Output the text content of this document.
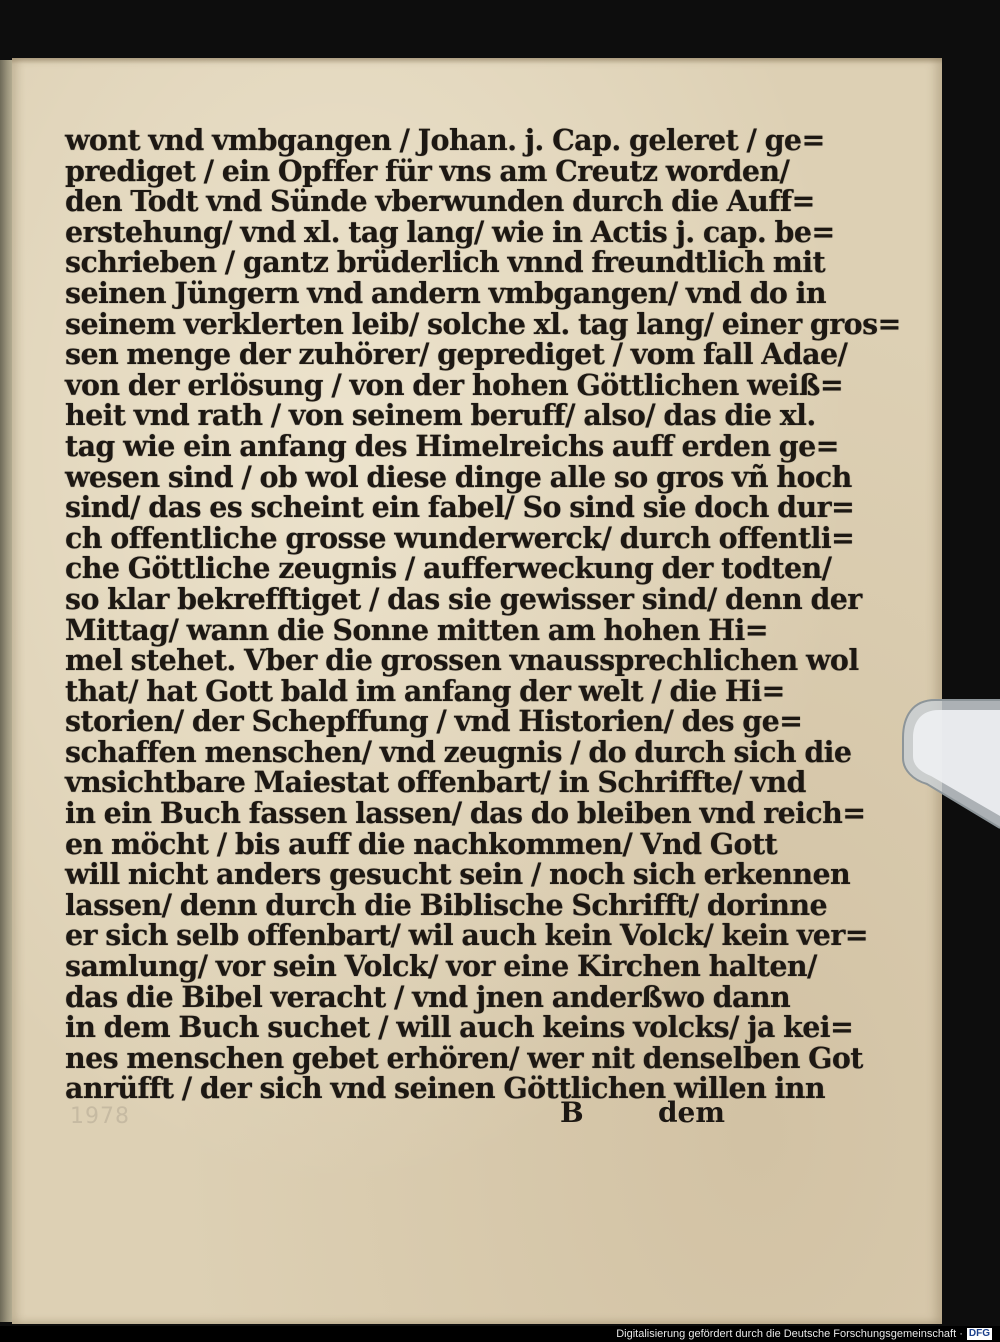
wont vnd vmbgangen / Johan. j. Cap. geleret / ge=
prediget / ein Opffer für vns am Creutz worden/
den Todt vnd Sünde vberwunden durch die Auff=
erstehung/ vnd xl. tag lang/ wie in Actis j. cap. be=
schrieben / gantz brüderlich vnnd freundtlich mit
seinen Jüngern vnd andern vmbgangen/ vnd do in
seinem verklerten leib/ solche xl. tag lang/ einer gros=
sen menge der zuhörer/ geprediget / vom fall Adae/
von der erlösung / von der hohen Göttlichen weiß=
heit vnd rath / von seinem beruff/ also/ das die xl.
tag wie ein anfang des Himelreichs auff erden ge=
wesen sind / ob wol diese dinge alle so gros vñ hoch
sind/ das es scheint ein fabel/ So sind sie doch dur=
ch offentliche grosse wunderwerck/ durch offentli=
che Göttliche zeugnis / aufferweckung der todten/
so klar bekrefftiget / das sie gewisser sind/ denn der
Mittag/ wann die Sonne mitten am hohen Hi=
mel stehet. Vber die grossen vnaussprechlichen wol
that/ hat Gott bald im anfang der welt / die Hi=
storien/ der Schepffung / vnd Historien/ des ge=
schaffen menschen/ vnd zeugnis / do durch sich die
vnsichtbare Maiestat offenbart/ in Schriffte/ vnd
in ein Buch fassen lassen/ das do bleiben vnd reich=
en möcht / bis auff die nachkommen/ Vnd Gott
will nicht anders gesucht sein / noch sich erkennen
lassen/ denn durch die Biblische Schrifft/ dorinne
er sich selb offenbart/ wil auch kein Volck/ kein ver=
samlung/ vor sein Volck/ vor eine Kirchen halten/
das die Bibel veracht / vnd jnen anderßwo dann
in dem Buch suchet / will auch keins volcks/ ja kei=
nes menschen gebet erhören/ wer nit denselben Got
anrüfft / der sich vnd seinen Göttlichen willen inn
1978	B	dem
Digitalisierung gefördert durch die Deutsche Forschungsgemeinschaft · DFG
